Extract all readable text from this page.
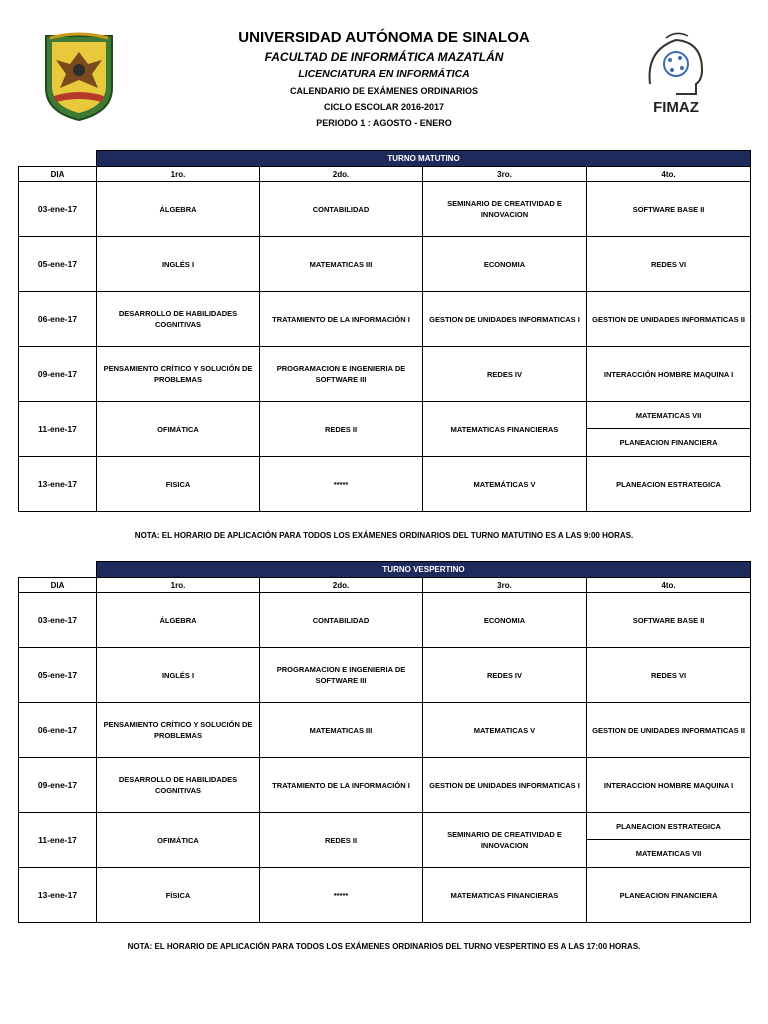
UNIVERSIDAD AUTÓNOMA DE SINALOA
FACULTAD DE INFORMÁTICA MAZATLÁN
LICENCIATURA EN INFORMÁTICA
CALENDARIO DE EXÁMENES ORDINARIOS
CICLO ESCOLAR 2016-2017
PERIODO 1 : AGOSTO - ENERO
FIMAZ
	TURNO MATUTINO			
DIA	1ro.	2do.	3ro.	4to.
03-ene-17	ÁLGEBRA	CONTABILIDAD	SEMINARIO DE CREATIVIDAD E INNOVACION	SOFTWARE BASE II
05-ene-17	INGLÉS I	MATEMATICAS III	ECONOMIA	REDES VI
06-ene-17	DESARROLLO DE HABILIDADES COGNITIVAS	TRATAMIENTO DE LA INFORMACIÓN I	GESTION DE UNIDADES INFORMATICAS I	GESTION DE UNIDADES INFORMATICAS II
09-ene-17	PENSAMIENTO CRÍTICO Y SOLUCIÓN DE PROBLEMAS	PROGRAMACION E INGENIERIA DE SOFTWARE III	REDES IV	INTERACCIÓN HOMBRE MAQUINA I
11-ene-17	OFIMÁTICA	REDES II	MATEMATICAS FINANCIERAS	MATEMATICAS VII
PLANEACION FINANCIERA

13-ene-17	FISICA	*****	MATEMÁTICAS V	PLANEACION ESTRATEGICA
NOTA: EL HORARIO DE APLICACIÓN PARA TODOS LOS EXÁMENES ORDINARIOS DEL TURNO MATUTINO ES A LAS 9:00 HORAS.
	TURNO VESPERTINO			
DIA	1ro.	2do.	3ro.	4to.
03-ene-17	ÁLGEBRA	CONTABILIDAD	ECONOMIA	SOFTWARE BASE II
05-ene-17	INGLÉS I	PROGRAMACION E INGENIERIA DE SOFTWARE III	REDES IV	REDES VI
06-ene-17	PENSAMIENTO CRÍTICO Y SOLUCIÓN DE PROBLEMAS	MATEMATICAS III	MATEMATICAS V	GESTION DE UNIDADES INFORMATICAS II
09-ene-17	DESARROLLO DE HABILIDADES COGNITIVAS	TRATAMIENTO DE LA INFORMACIÓN I	GESTION DE UNIDADES INFORMATICAS I	INTERACCION HOMBRE MAQUINA I
11-ene-17	OFIMÁTICA	REDES II	SEMINARIO DE CREATIVIDAD E INNOVACION	PLANEACION ESTRATEGICA
MATEMATICAS VII

13-ene-17	FÍSICA	*****	MATEMATICAS FINANCIERAS	PLANEACION FINANCIERA
NOTA: EL HORARIO DE APLICACIÓN PARA TODOS LOS EXÁMENES ORDINARIOS DEL TURNO VESPERTINO ES A LAS 17:00 HORAS.
